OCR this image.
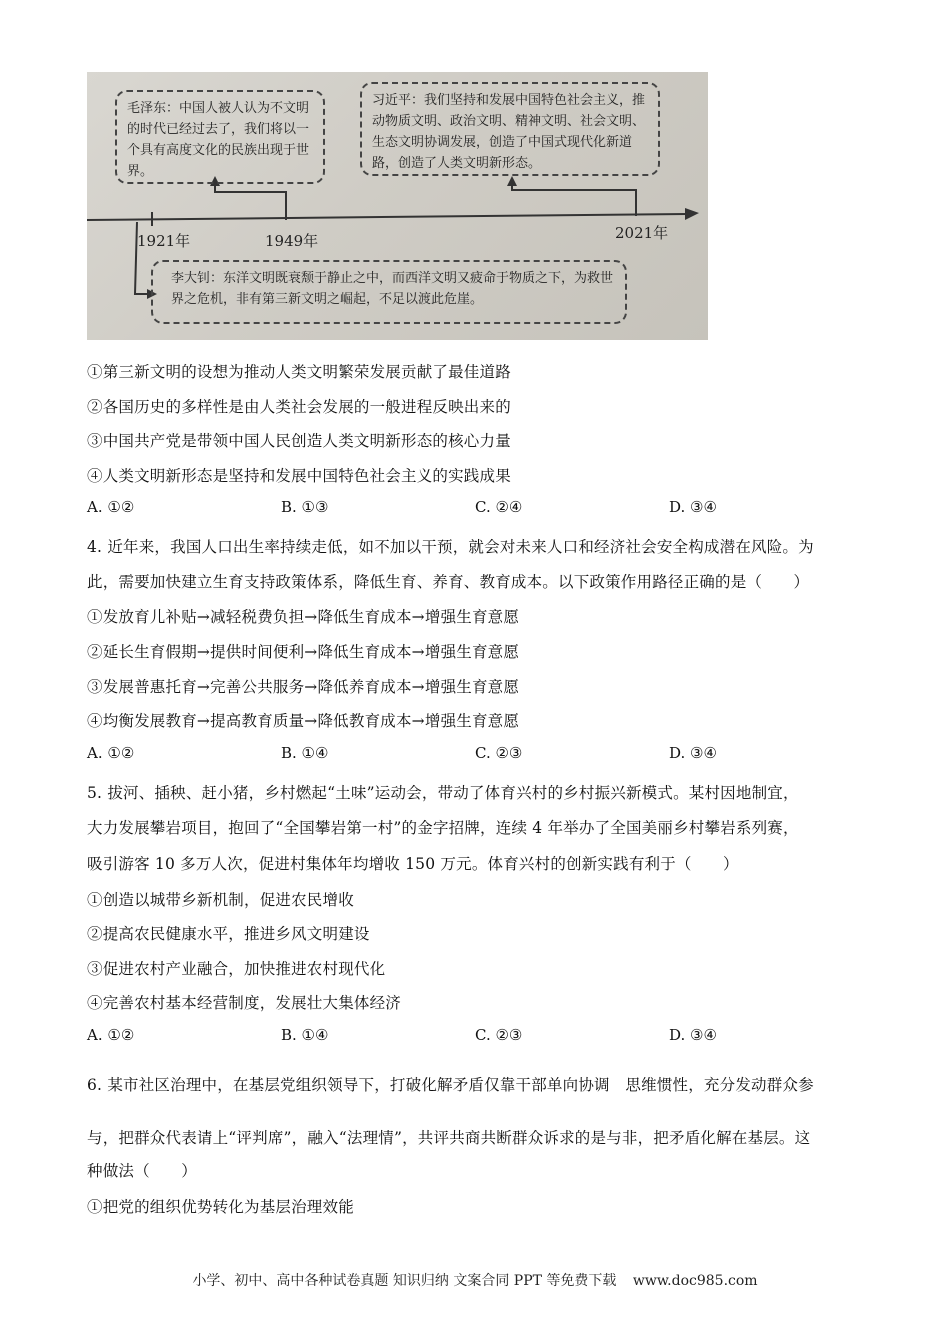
毛泽东：中国人被人认为不文明的时代已经过去了，我们将以一个具有高度文化的民族出现于世界。
习近平：我们坚持和发展中国特色社会主义，推动物质文明、政治文明、精神文明、社会文明、生态文明协调发展，创造了中国式现代化新道路，创造了人类文明新形态。
李大钊：东洋文明既衰颓于静止之中，而西洋文明又疲命于物质之下，为救世界之危机，非有第三新文明之崛起，不足以渡此危崖。
1921年	1949年	2021年
①第三新文明的设想为推动人类文明繁荣发展贡献了最佳道路
②各国历史的多样性是由人类社会发展的一般进程反映出来的
③中国共产党是带领中国人民创造人类文明新形态的核心力量
④人类文明新形态是坚持和发展中国特色社会主义的实践成果
A. ①②	B. ①③	C. ②④	D. ③④
4. 近年来，我国人口出生率持续走低，如不加以干预，就会对未来人口和经济社会安全构成潜在风险。为
此，需要加快建立生育支持政策体系，降低生育、养育、教育成本。以下政策作用路径正确的是（　　）
①发放育儿补贴→减轻税费负担→降低生育成本→增强生育意愿
②延长生育假期→提供时间便利→降低生育成本→增强生育意愿
③发展普惠托育→完善公共服务→降低养育成本→增强生育意愿
④均衡发展教育→提高教育质量→降低教育成本→增强生育意愿
A. ①②	B. ①④	C. ②③	D. ③④
5. 拔河、插秧、赶小猪，乡村燃起“土味”运动会，带动了体育兴村的乡村振兴新模式。某村因地制宜，
大力发展攀岩项目，抱回了“全国攀岩第一村”的金字招牌，连续 4 年举办了全国美丽乡村攀岩系列赛，
吸引游客 10 多万人次，促进村集体年均增收 150 万元。体育兴村的创新实践有利于（　　）
①创造以城带乡新机制，促进农民增收
②提高农民健康水平，推进乡风文明建设
③促进农村产业融合，加快推进农村现代化
④完善农村基本经营制度，发展壮大集体经济
A. ①②	B. ①④	C. ②③	D. ③④
6. 某市社区治理中，在基层党组织领导下，打破化解矛盾仅靠干部单向协调　思维惯性，充分发动群众参
与，把群众代表请上“评判席”，融入“法理情”，共评共商共断群众诉求的是与非，把矛盾化解在基层。这
种做法（　　）
①把党的组织优势转化为基层治理效能
小学、初中、高中各种试卷真题 知识归纳 文案合同 PPT 等免费下载 www.doc985.com
